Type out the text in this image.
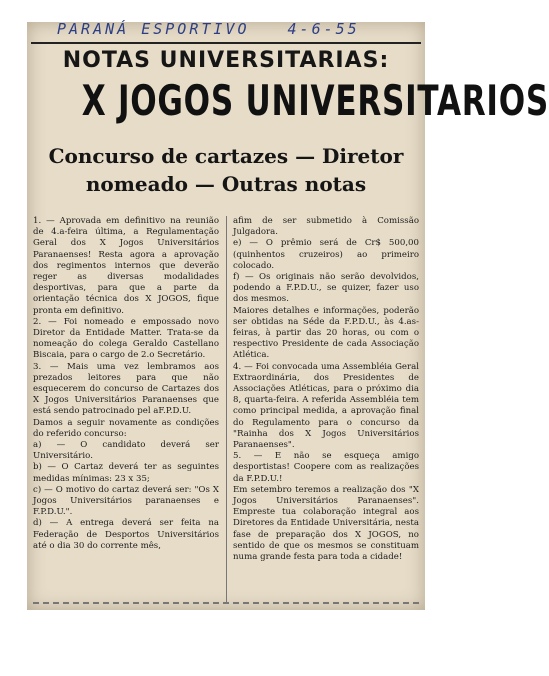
PARANÁ ESPORTIVO	4-6-55
NOTAS UNIVERSITARIAS:
X JOGOS UNIVERSITARIOS
Concurso de cartazes — Diretor nomeado — Outras notas

1. — Aprovada em definitivo na reunião de 4.a-feira última, a Regulamentação Geral dos X Jogos Universitários Paranaenses! Resta agora a aprovação dos regimentos internos que deverão reger as diversas modalidades desportivas, para que a parte da orientação técnica dos X JOGOS, fique pronta em definitivo.

2. — Foi nomeado e empossado novo Diretor da Entidade Matter. Trata-se da nomeação do colega Geraldo Castellano Biscaia, para o cargo de 2.o Secretário.

3. — Mais uma vez lembramos aos prezados leitores para que não esquecerem do concurso de Cartazes dos X Jogos Universitários Paranaenses que está sendo patrocinado pel aF.P.D.U.

Damos a seguir novamente as condições do referido concurso:

a) — O candidato deverá ser Universitário.

b) — O Cartaz deverá ter as seguintes medidas mínimas: 23 x 35;

c) — O motivo do cartaz deverá ser: "Os X Jogos Universitários paranaenses e F.P.D.U.".

d) — A entrega deverá ser feita na Federação de Desportos Universitários até o dia 30 do corrente mês,

afim de ser submetido à Comissão Julgadora.

e) — O prêmio será de Cr$ 500,00 (quinhentos cruzeiros) ao primeiro colocado.

f) — Os originais não serão devolvidos, podendo a F.P.D.U., se quizer, fazer uso dos mesmos.

Maiores detalhes e informações, poderão ser obtidas na Séde da F.P.D.U., às 4.as-feiras, à partir das 20 horas, ou com o respectivo Presidente de cada Associação Atlética.

4. — Foi convocada uma Assembléia Geral Extraordinária, dos Presidentes de Associações Atléticas, para o próximo dia 8, quarta-feira. A referida Assembléia tem como principal medida, a aprovação final do Regulamento para o concurso da "Rainha dos X Jogos Universitários Paranaenses".

5. — E não se esqueça amigo desportistas! Coopere com as realizações da F.P.D.U.!

Em setembro teremos a realização dos "X Jogos Universitários Paranaenses". Empreste tua colaboração integral aos Diretores da Entidade Universitária, nesta fase de preparação dos X JOGOS, no sentido de que os mesmos se constituam numa grande festa para toda a cidade!
